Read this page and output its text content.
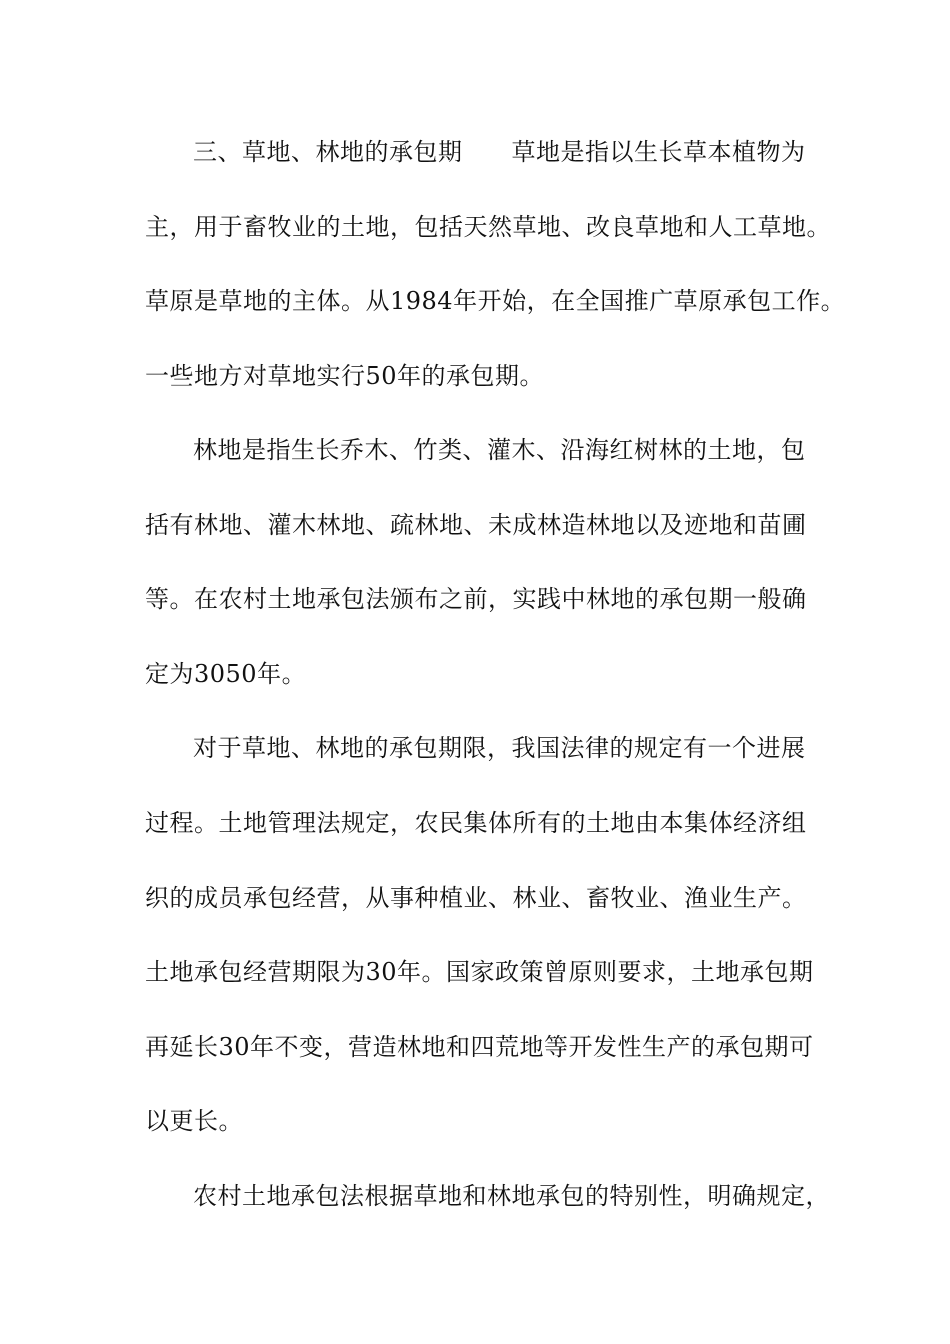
三、草地、林地的承包期　　草地是指以生长草本植物为
主，用于畜牧业的土地，包括天然草地、改良草地和人工草地。
草原是草地的主体。从1984年开始，在全国推广草原承包工作。
一些地方对草地实行50年的承包期。
林地是指生长乔木、竹类、灌木、沿海红树林的土地，包
括有林地、灌木林地、疏林地、未成林造林地以及迹地和苗圃
等。在农村土地承包法颁布之前，实践中林地的承包期一般确
定为3050年。
对于草地、林地的承包期限，我国法律的规定有一个进展
过程。土地管理法规定，农民集体所有的土地由本集体经济组
织的成员承包经营，从事种植业、林业、畜牧业、渔业生产。
土地承包经营期限为30年。国家政策曾原则要求，土地承包期
再延长30年不变，营造林地和四荒地等开发性生产的承包期可
以更长。
农村土地承包法根据草地和林地承包的特别性，明确规定，
